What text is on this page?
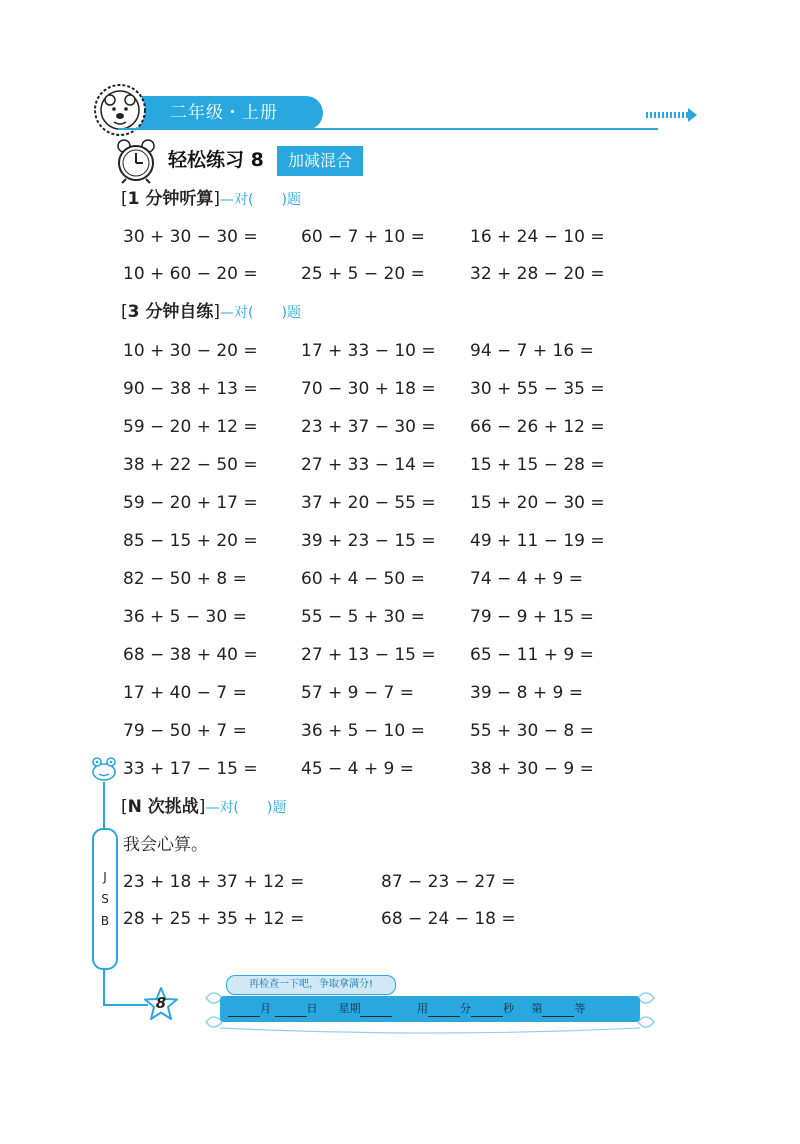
二年级・上册
轻松练习 8	加减混合
[1 分钟听算]—对(　　)题
30 + 30 − 30 =	60 − 7 + 10 =	16 + 24 − 10 =
10 + 60 − 20 =	25 + 5 − 20 =	32 + 28 − 20 =
[3 分钟自练]—对(　　)题
10 + 30 − 20 =	17 + 33 − 10 = 94 − 7 + 16 =
90 − 38 + 13 =	70 − 30 + 18 = 30 + 55 − 35 =
59 − 20 + 12 =	23 + 37 − 30 = 66 − 26 + 12 =
38 + 22 − 50 =	27 + 33 − 14 = 15 + 15 − 28 =
59 − 20 + 17 =	37 + 20 − 55 = 15 + 20 − 30 =
85 − 15 + 20 =	39 + 23 − 15 = 49 + 11 − 19 =
82 − 50 + 8 =	60 + 4 − 50 =	74 − 4 + 9 =
36 + 5 − 30 =	55 − 5 + 30 =	79 − 9 + 15 =
68 − 38 + 40 =	27 + 13 − 15 = 65 − 11 + 9 =
17 + 40 − 7 =	57 + 9 − 7 =	39 − 8 + 9 =
79 − 50 + 7 =	36 + 5 − 10 =	55 + 30 − 8 =
33 + 17 − 15 =	45 − 4 + 9 =	38 + 30 − 9 =
J
S
B
[N 次挑战]—对(　　)题
我会心算。
23 + 18 + 37 + 12 =	87 − 23 − 27 =
28 + 25 + 35 + 12 =	68 − 24 − 18 =
8
再检查一下吧，争取拿满分!
月	日 星期	用	分	秒 第	等
